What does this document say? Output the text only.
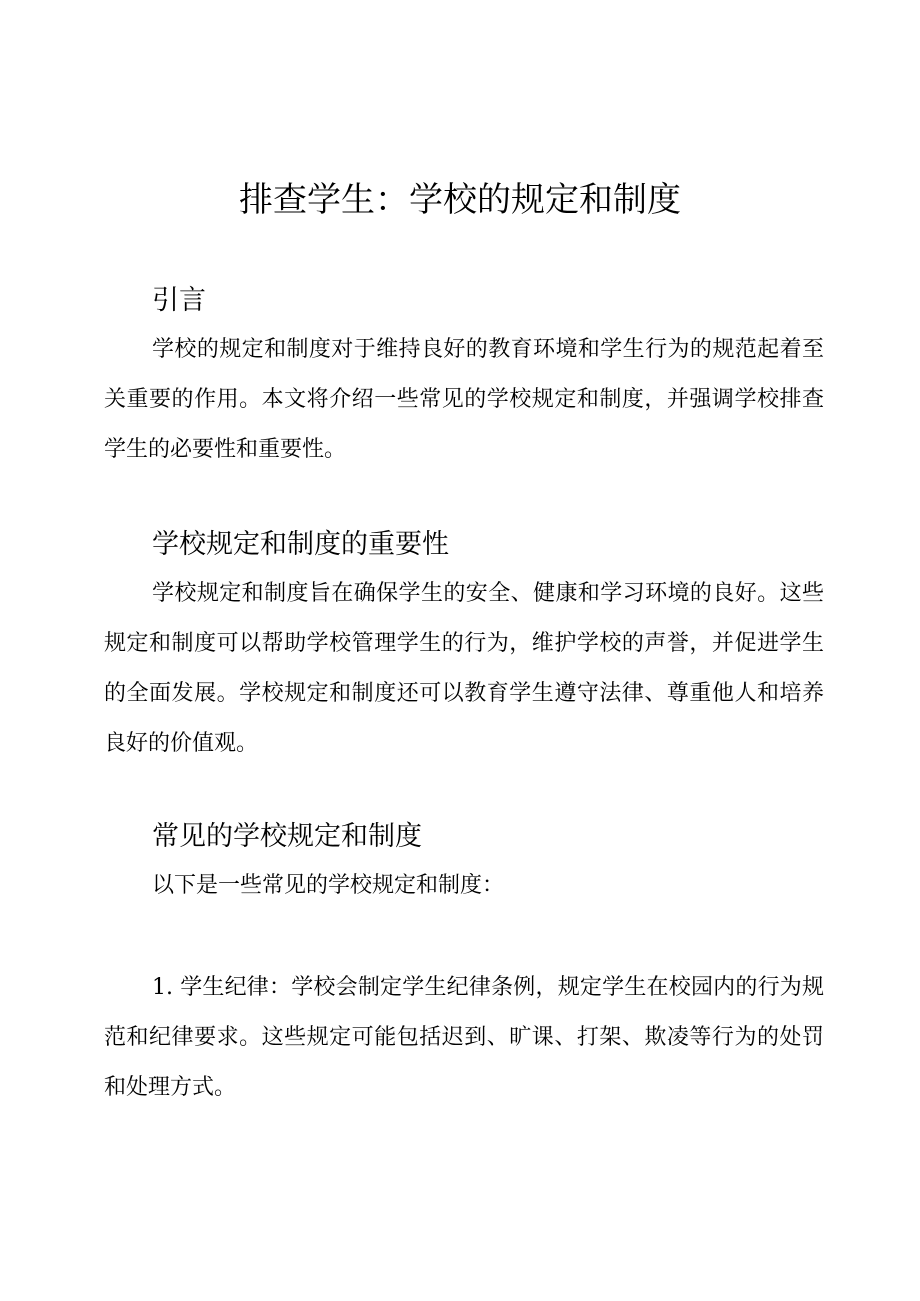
排查学生：学校的规定和制度
引言

学校的规定和制度对于维持良好的教育环境和学生行为的规范起着至关重要的作用。本文将介绍一些常见的学校规定和制度，并强调学校排查学生的必要性和重要性。

学校规定和制度的重要性

学校规定和制度旨在确保学生的安全、健康和学习环境的良好。这些规定和制度可以帮助学校管理学生的行为，维护学校的声誉，并促进学生的全面发展。学校规定和制度还可以教育学生遵守法律、尊重他人和培养良好的价值观。

常见的学校规定和制度

以下是一些常见的学校规定和制度：

1. 学生纪律：学校会制定学生纪律条例，规定学生在校园内的行为规范和纪律要求。这些规定可能包括迟到、旷课、打架、欺凌等行为的处罚和处理方式。
